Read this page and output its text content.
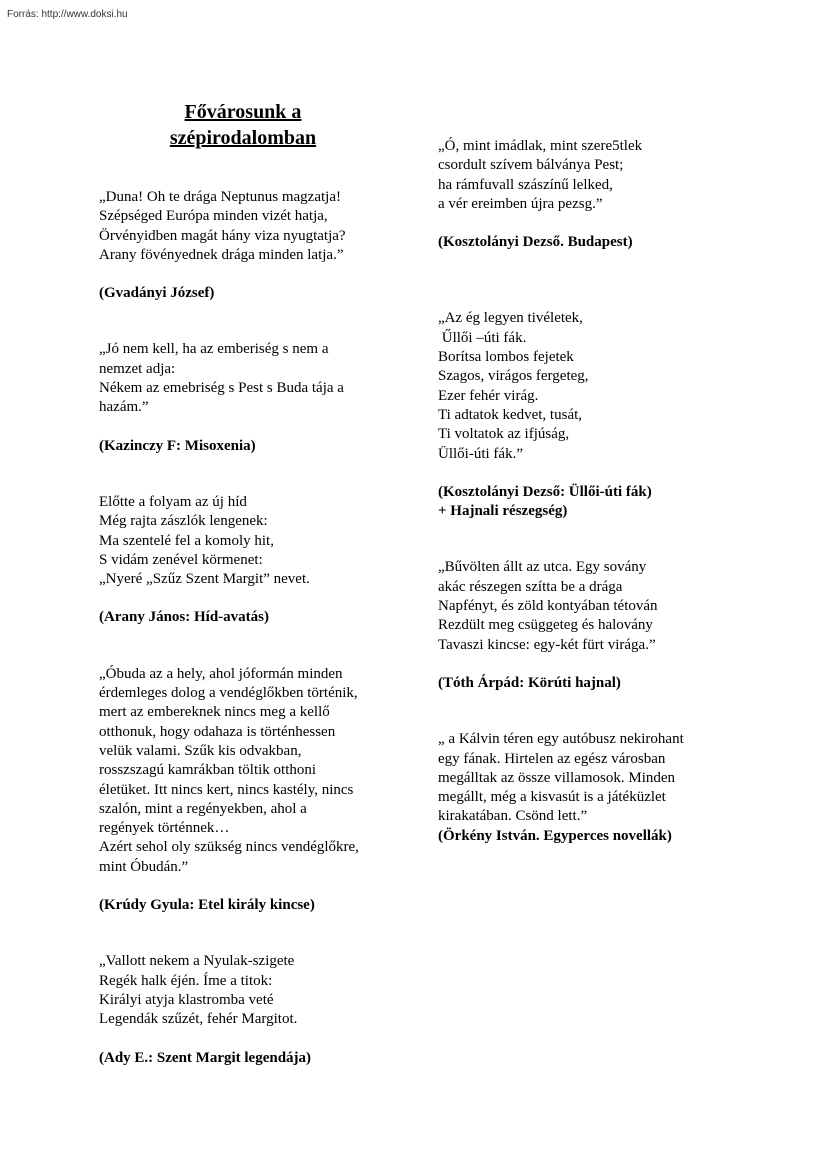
Forrás: http://www.doksi.hu
Fővárosunk a
szépirodalomban
„Duna! Oh te drága Neptunus magzatja!
Szépséged Európa minden vizét hatja,
Örvényidben magát hány viza nyugtatja?
Arany fövényednek drága minden latja.”
(Gvadányi József)
„Jó nem kell, ha az emberiség s nem a
nemzet adja:
Nékem az emebriség s Pest s Buda tája a
hazám.”
(Kazinczy F: Misoxenia)
Előtte a folyam az új híd
Még rajta zászlók lengenek:
Ma szentelé fel a komoly hit,
S vidám zenével körmenet:
„Nyeré „Szűz Szent Margit” nevet.
(Arany János: Híd-avatás)
„Óbuda az a hely, ahol jóformán minden
érdemleges dolog a vendéglőkben történik,
mert az embereknek nincs meg a kellő
otthonuk, hogy odahaza is történhessen
velük valami. Szűk kis odvakban,
rosszszagú kamrákban töltik otthoni
életüket. Itt nincs kert, nincs kastély, nincs
szalón, mint a regényekben, ahol a
regények történnek…
Azért sehol oly szükség nincs vendéglőkre,
mint Óbudán.”
(Krúdy Gyula: Etel király kincse)
„Vallott nekem a Nyulak-szigete
Regék halk éjén. Íme a titok:
Királyi atyja klastromba veté
Legendák szűzét, fehér Margitot.
(Ady E.: Szent Margit legendája)
„Ó, mint imádlak, mint szere5tlek
csordult szívem bálványa Pest;
ha rámfuvall szászínű lelked,
a vér ereimben újra pezsg.”
(Kosztolányi Dezső. Budapest)
„Az ég legyen tivéletek,
Űllői –úti fák.
Borítsa lombos fejetek
Szagos, virágos fergeteg,
Ezer fehér virág.
Ti adtatok kedvet, tusát,
Ti voltatok az ifjúság,
Üllői-úti fák.”
(Kosztolányi Dezső: Üllői-úti fák)
+ Hajnali részegség)
„Bűvölten állt az utca. Egy sovány
akác részegen szítta be a drága
Napfényt, és zöld kontyában tétován
Rezdült meg csüggeteg és halovány
Tavaszi kincse: egy-két fürt virága.”
(Tóth Árpád: Körúti hajnal)
„ a Kálvin téren egy autóbusz nekirohant
egy fának. Hirtelen az egész városban
megálltak az össze villamosok. Minden
megállt, még a kisvasút is a játéküzlet
kirakatában. Csönd lett.”
(Örkény István. Egyperces novellák)
